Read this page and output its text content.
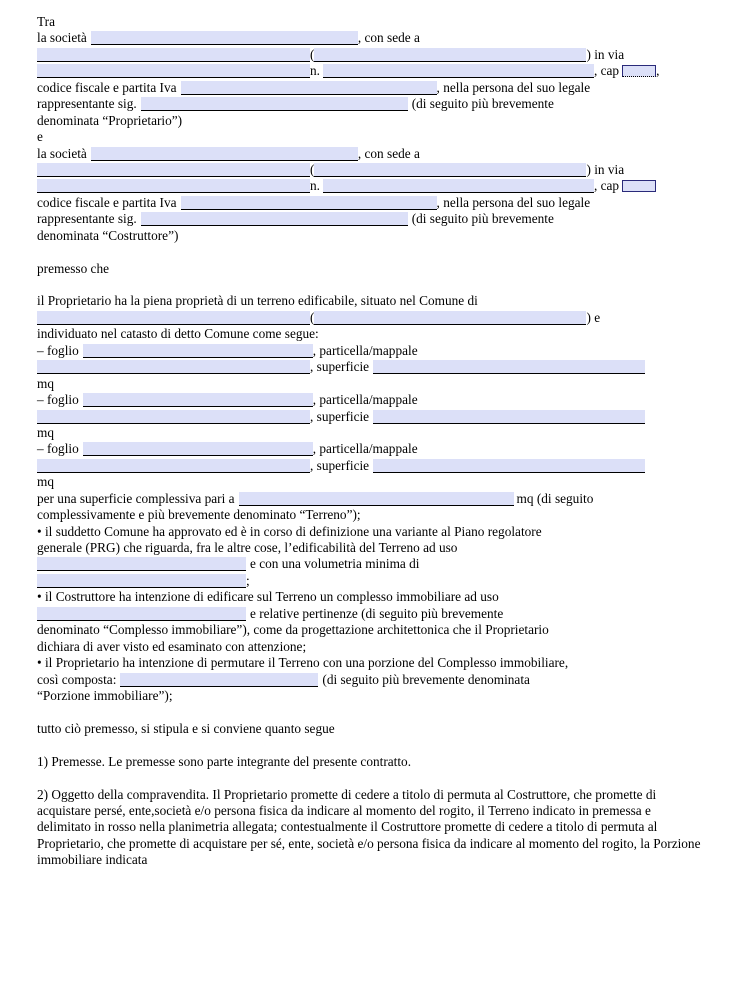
Tra
la società	, con sede a
(	) in via
n.	, cap	,
codice fiscale e partita Iva	, nella persona del suo legale
rappresentante sig.	(di seguito più brevemente
denominata “Proprietario”)
e
la società	, con sede a
(	) in via
n.	, cap
codice fiscale e partita Iva	, nella persona del suo legale
rappresentante sig.	(di seguito più brevemente
denominata “Costruttore”)

premesso che

il Proprietario ha la piena proprietà di un terreno edificabile, situato nel Comune di
(	) e
individuato nel catasto di detto Comune come segue:
– foglio	, particella/mappale
, superficie
mq
– foglio	, particella/mappale
, superficie
mq
– foglio	, particella/mappale
, superficie
mq
per una superficie complessiva pari a	mq (di seguito
complessivamente e più brevemente denominato “Terreno”);
• il suddetto Comune ha approvato ed è in corso di definizione una variante al Piano regolatore
generale (PRG) che riguarda, fra le altre cose, l’edificabilità del Terreno ad uso
e con una volumetria minima di
;
• il Costruttore ha intenzione di edificare sul Terreno un complesso immobiliare ad uso
e relative pertinenze (di seguito più brevemente
denominato “Complesso immobiliare”), come da progettazione architettonica che il Proprietario
dichiara di aver visto ed esaminato con attenzione;
• il Proprietario ha intenzione di permutare il Terreno con una porzione del Complesso immobiliare,
così composta:	(di seguito più brevemente denominata
“Porzione immobiliare”);

tutto ciò premesso, si stipula e si conviene quanto segue

1) Premesse. Le premesse sono parte integrante del presente contratto.

2) Oggetto della compravendita. Il Proprietario promette di cedere a titolo di permuta al Costruttore, che promette di acquistare persé, ente,società e/o persona fisica da indicare al momento del rogito, il Terreno indicato in premessa e delimitato in rosso nella planimetria allegata; contestualmente il Costruttore promette di cedere a titolo di permuta al Proprietario, che promette di acquistare per sé, ente, società e/o persona fisica da indicare al momento del rogito, la Porzione immobiliare indicata
